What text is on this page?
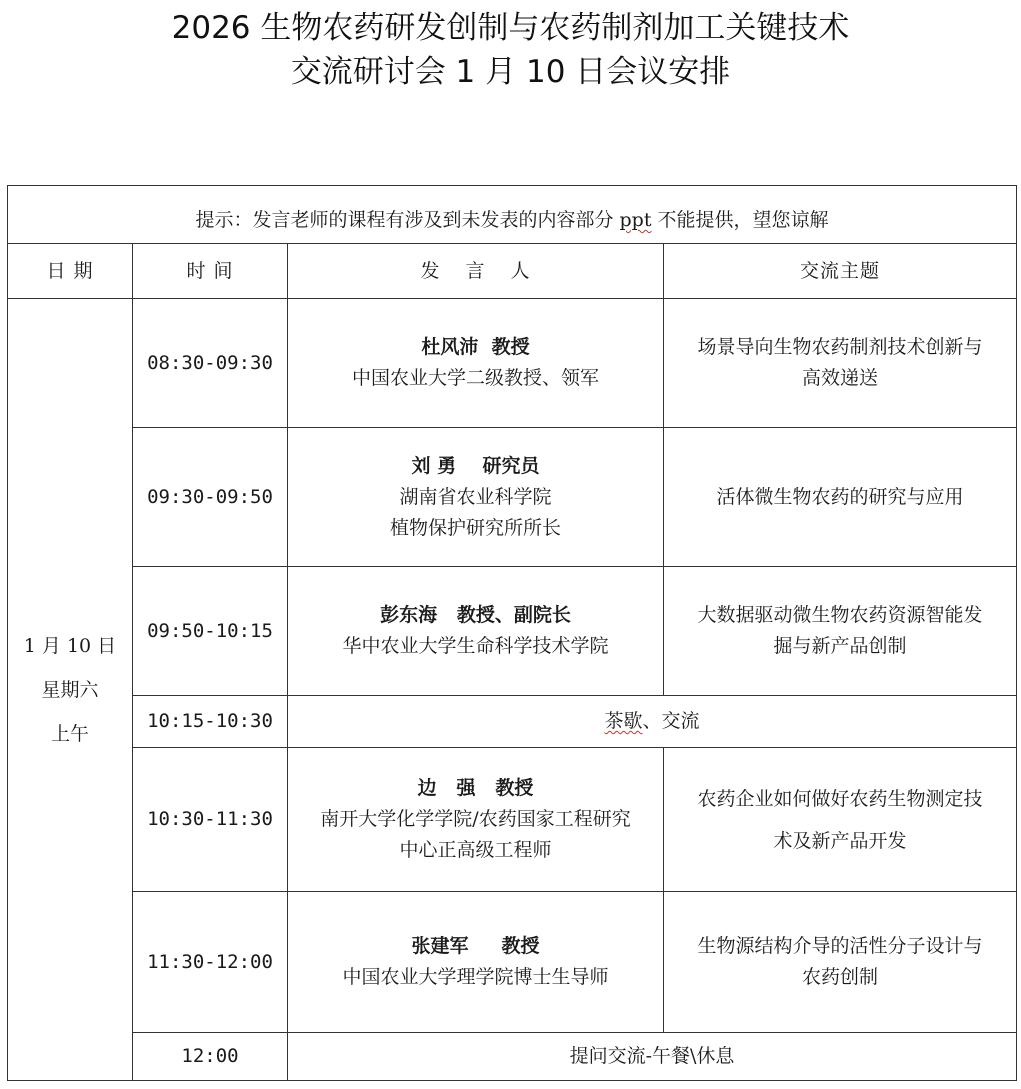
2026 生物农药研发创制与农药制剂加工关键技术
交流研讨会 1 月 10 日会议安排
提示：发言老师的课程有涉及到未发表的内容部分 ppt 不能提供，望您谅解			
日 期	时 间	发 言 人	交流主题

1 月 10 日
星期六
上午	08:30-09:30	杜风沛  教授
中国农业大学二级教授、领军	场景导向生物农药制剂技术创新与
高效递送

	09:30-09:50	刘 勇    研究员
湖南省农业科学院
植物保护研究所所长	活体微生物农药的研究与应用

	09:50-10:15	彭东海   教授、副院长
华中农业大学生命科学技术学院	大数据驱动微生物农药资源智能发
掘与新产品创制

	10:15-10:30	茶歇、交流	
	10:30-11:30	边   强   教授
南开大学化学学院/农药国家工程研究
中心正高级工程师	农药企业如何做好农药生物测定技
术及新产品开发

	11:30-12:00	张建军     教授
中国农业大学理学院博士生导师	生物源结构介导的活性分子设计与
农药创制

	12:00	提问交流-午餐\休息	
